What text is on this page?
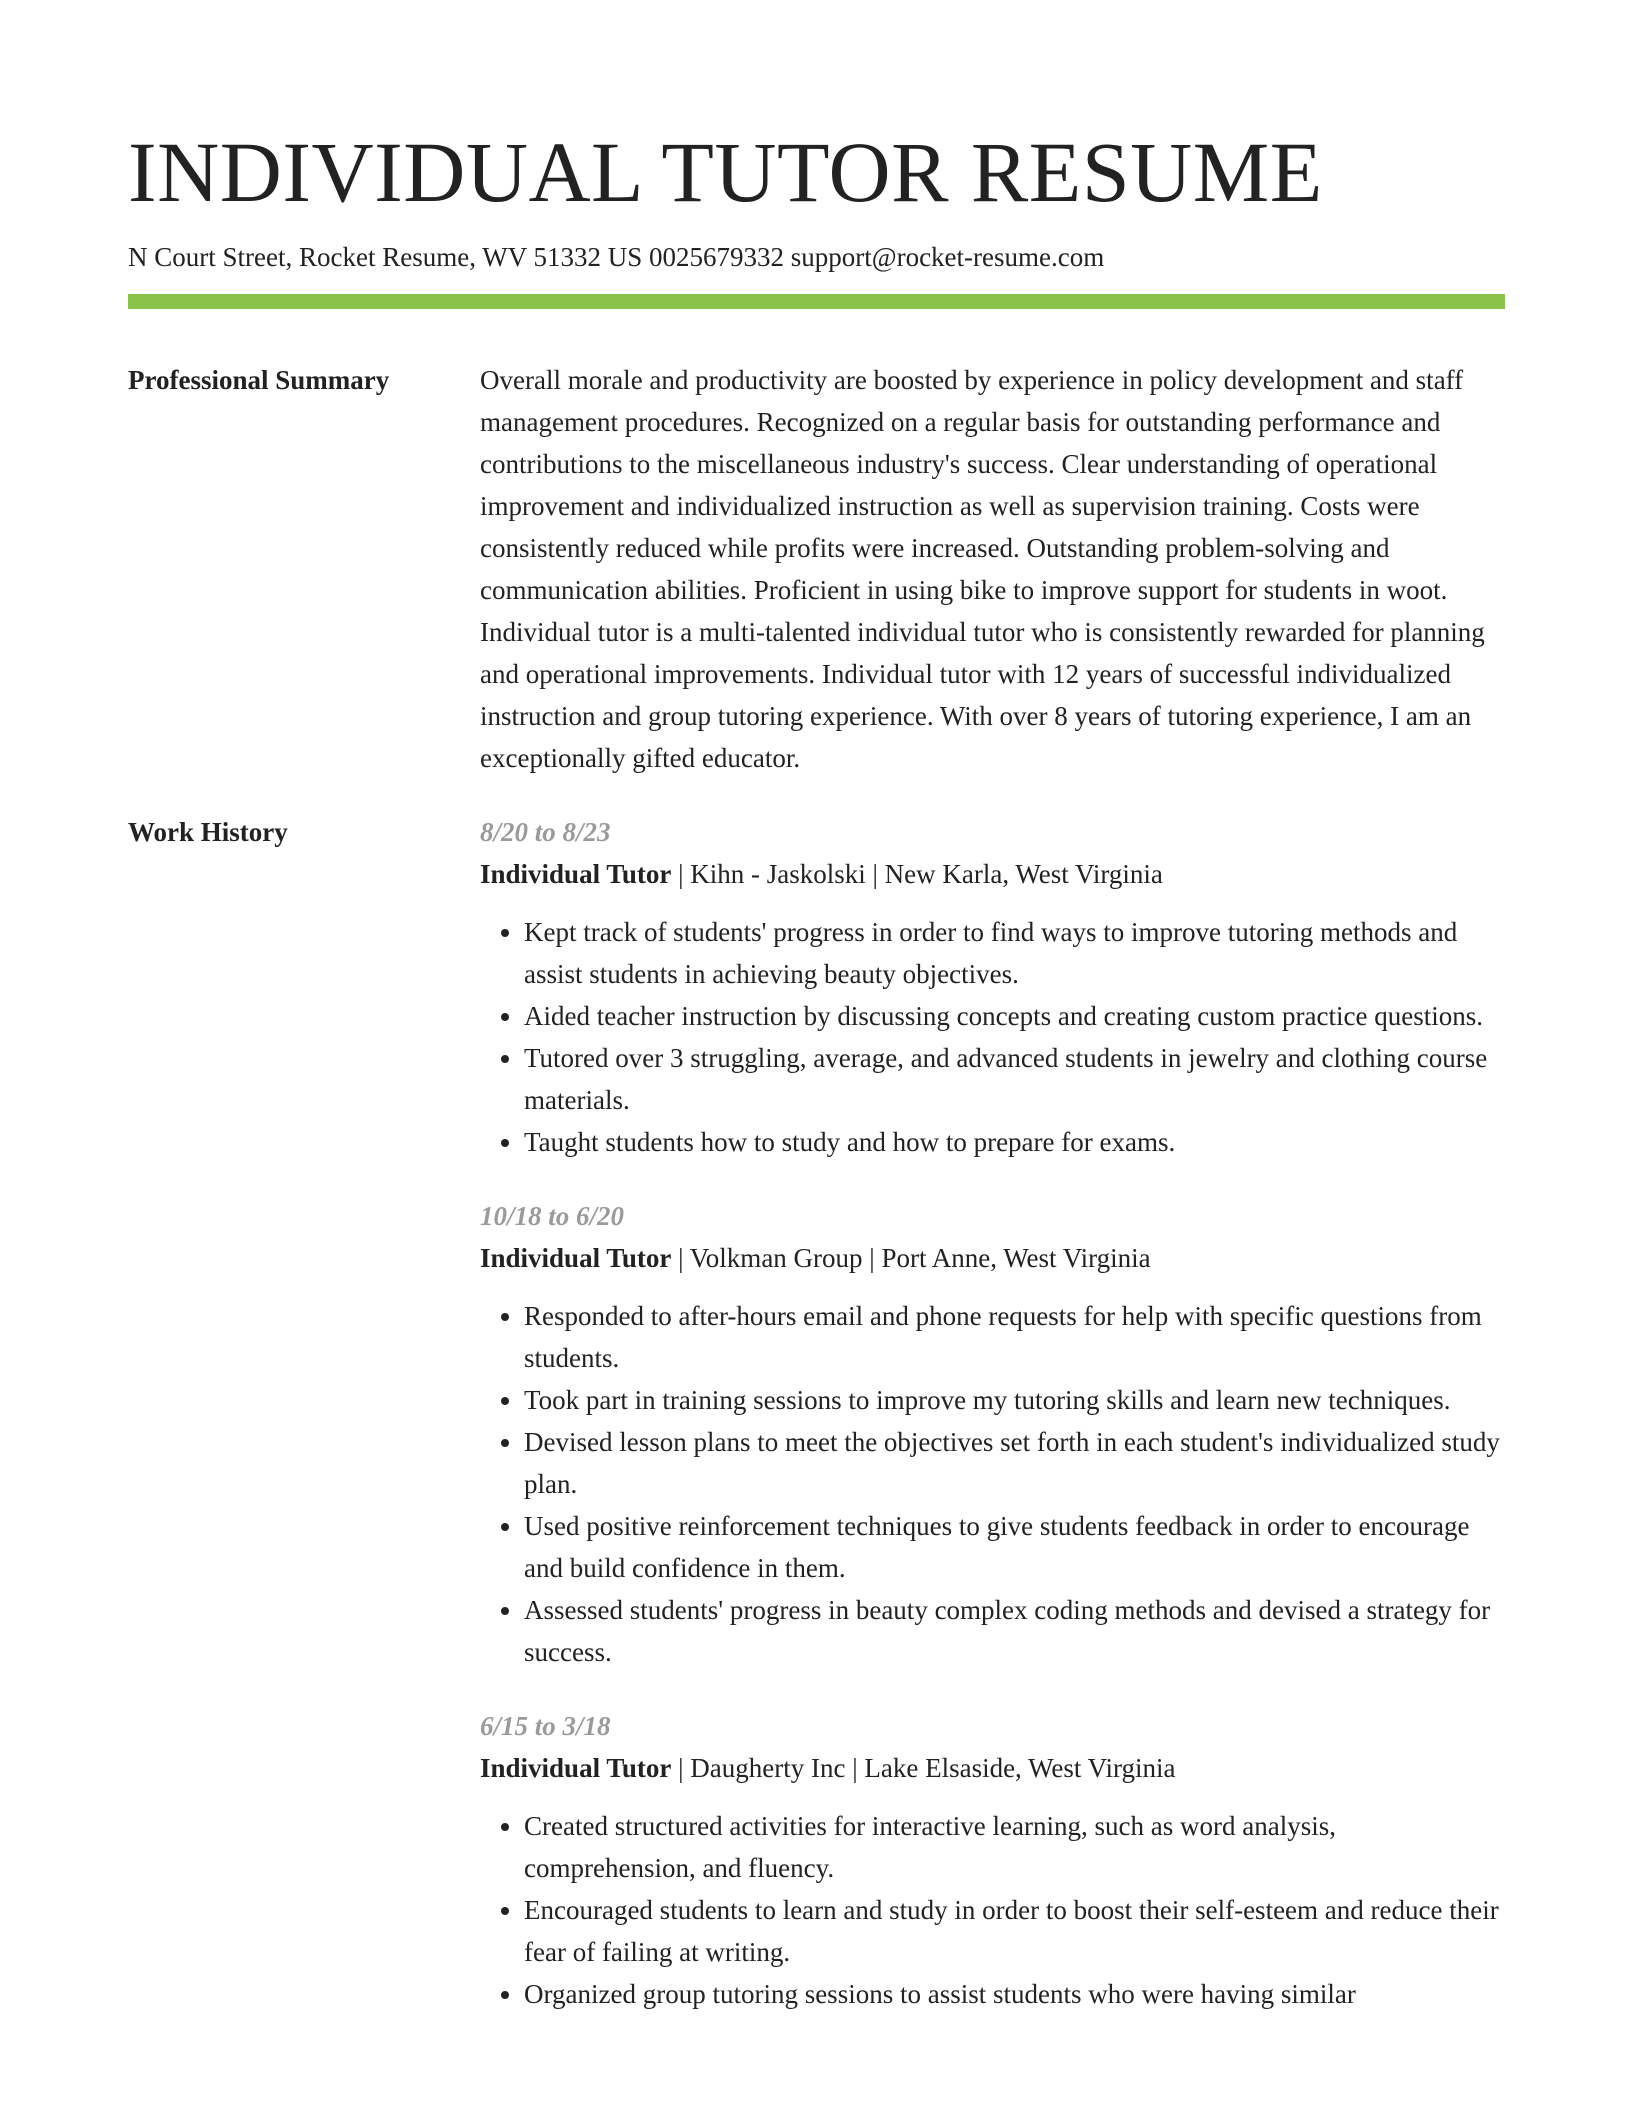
INDIVIDUAL TUTOR RESUME
N Court Street, Rocket Resume, WV 51332 US 0025679332 support@rocket-resume.com
Professional Summary	Overall morale and productivity are boosted by experience in policy development and staff management procedures. Recognized on a regular basis for outstanding performance and contributions to the miscellaneous industry's success. Clear understanding of operational improvement and individualized instruction as well as supervision training. Costs were consistently reduced while profits were increased. Outstanding problem-solving and communication abilities. Proficient in using bike to improve support for students in woot. Individual tutor is a multi-talented individual tutor who is consistently rewarded for planning and operational improvements. Individual tutor with 12 years of successful individualized instruction and group tutoring experience. With over 8 years of tutoring experience, I am an exceptionally gifted educator.

Work History	8/20 to 8/23
Individual Tutor | Kihn - Jaskolski | New Karla, West Virginia
• Kept track of students' progress in order to find ways to improve tutoring methods and assist students in achieving beauty objectives.
• Aided teacher instruction by discussing concepts and creating custom practice questions.
• Tutored over 3 struggling, average, and advanced students in jewelry and clothing course materials.
• Taught students how to study and how to prepare for exams.
10/18 to 6/20
Individual Tutor | Volkman Group | Port Anne, West Virginia
• Responded to after-hours email and phone requests for help with specific questions from students.
• Took part in training sessions to improve my tutoring skills and learn new techniques.
• Devised lesson plans to meet the objectives set forth in each student's individualized study plan.
• Used positive reinforcement techniques to give students feedback in order to encourage and build confidence in them.
• Assessed students' progress in beauty complex coding methods and devised a strategy for success.
6/15 to 3/18
Individual Tutor | Daugherty Inc | Lake Elsaside, West Virginia
• Created structured activities for interactive learning, such as word analysis, comprehension, and fluency.
• Encouraged students to learn and study in order to boost their self-esteem and reduce their fear of failing at writing.
• Organized group tutoring sessions to assist students who were having similar
